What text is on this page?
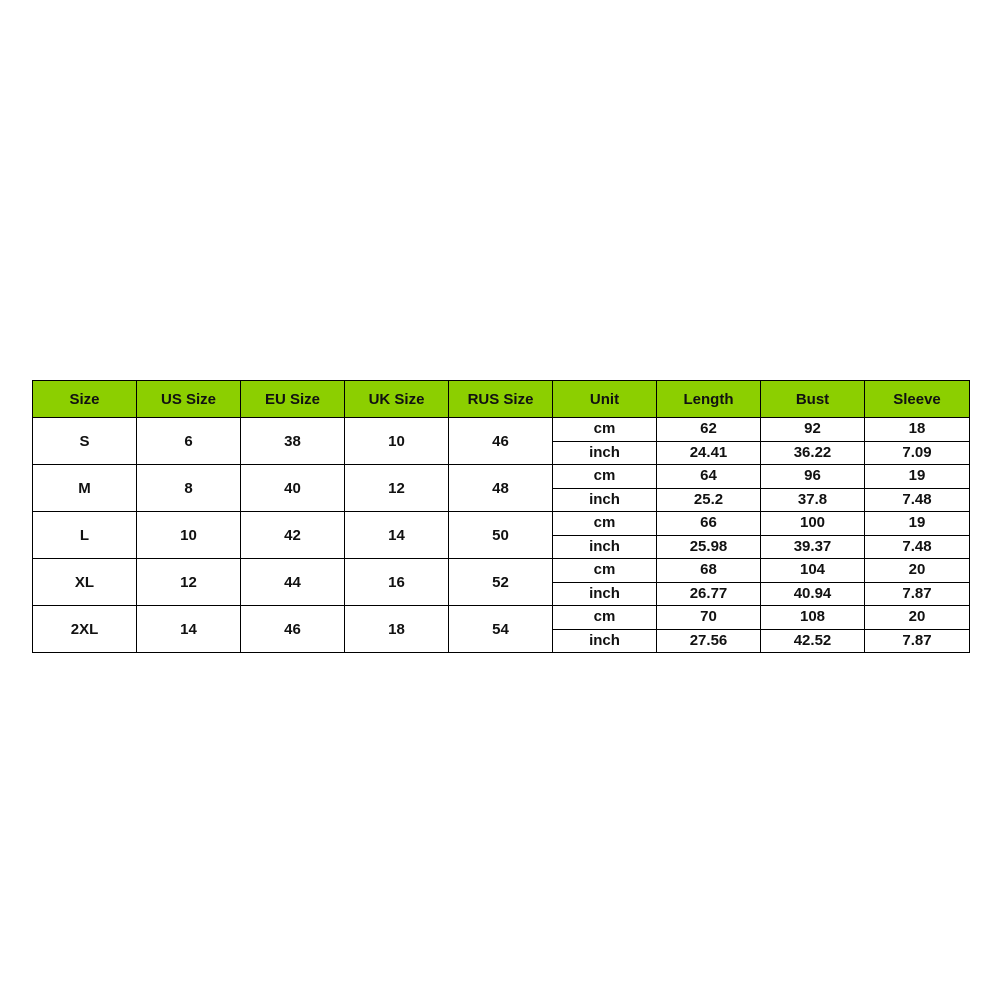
Size	US Size	EU Size	UK Size	RUS Size	Unit	Length	Bust	Sleeve
S	6	38	10	46	cm	62	92	18
					inch	24.41	36.22	7.09
M	8	40	12	48	cm	64	96	19
					inch	25.2	37.8	7.48
L	10	42	14	50	cm	66	100	19
					inch	25.98	39.37	7.48
XL	12	44	16	52	cm	68	104	20
					inch	26.77	40.94	7.87
2XL	14	46	18	54	cm	70	108	20
					inch	27.56	42.52	7.87
